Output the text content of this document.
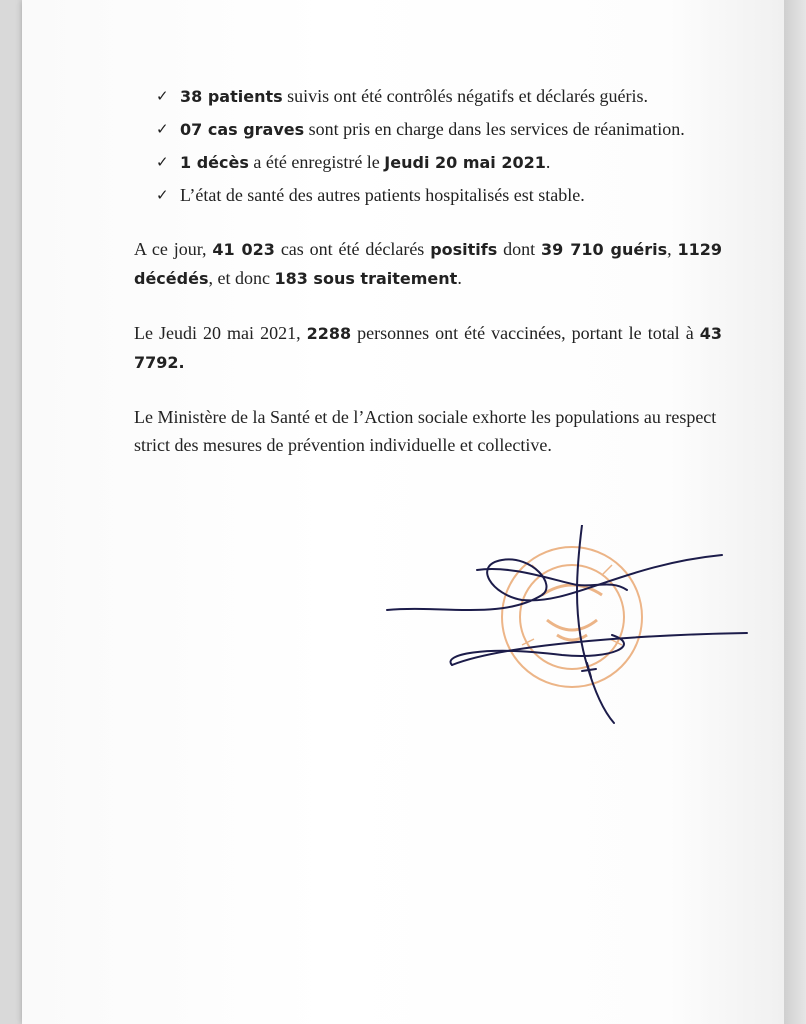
✓ 38 patients suivis ont été contrôlés négatifs et déclarés guéris.
✓ 07 cas graves sont pris en charge dans les services de réanimation.
✓ 1 décès a été enregistré le Jeudi 20 mai 2021.
✓ L’état de santé des autres patients hospitalisés est stable.

A ce jour, 41 023 cas ont été déclarés positifs dont 39 710 guéris, 1129 décédés, et donc 183 sous traitement.

Le Jeudi 20 mai 2021, 2288 personnes ont été vaccinées, portant le total à 43 7792.

Le Ministère de la Santé et de l’Action sociale exhorte les populations au respect strict des mesures de prévention individuelle et collective.
